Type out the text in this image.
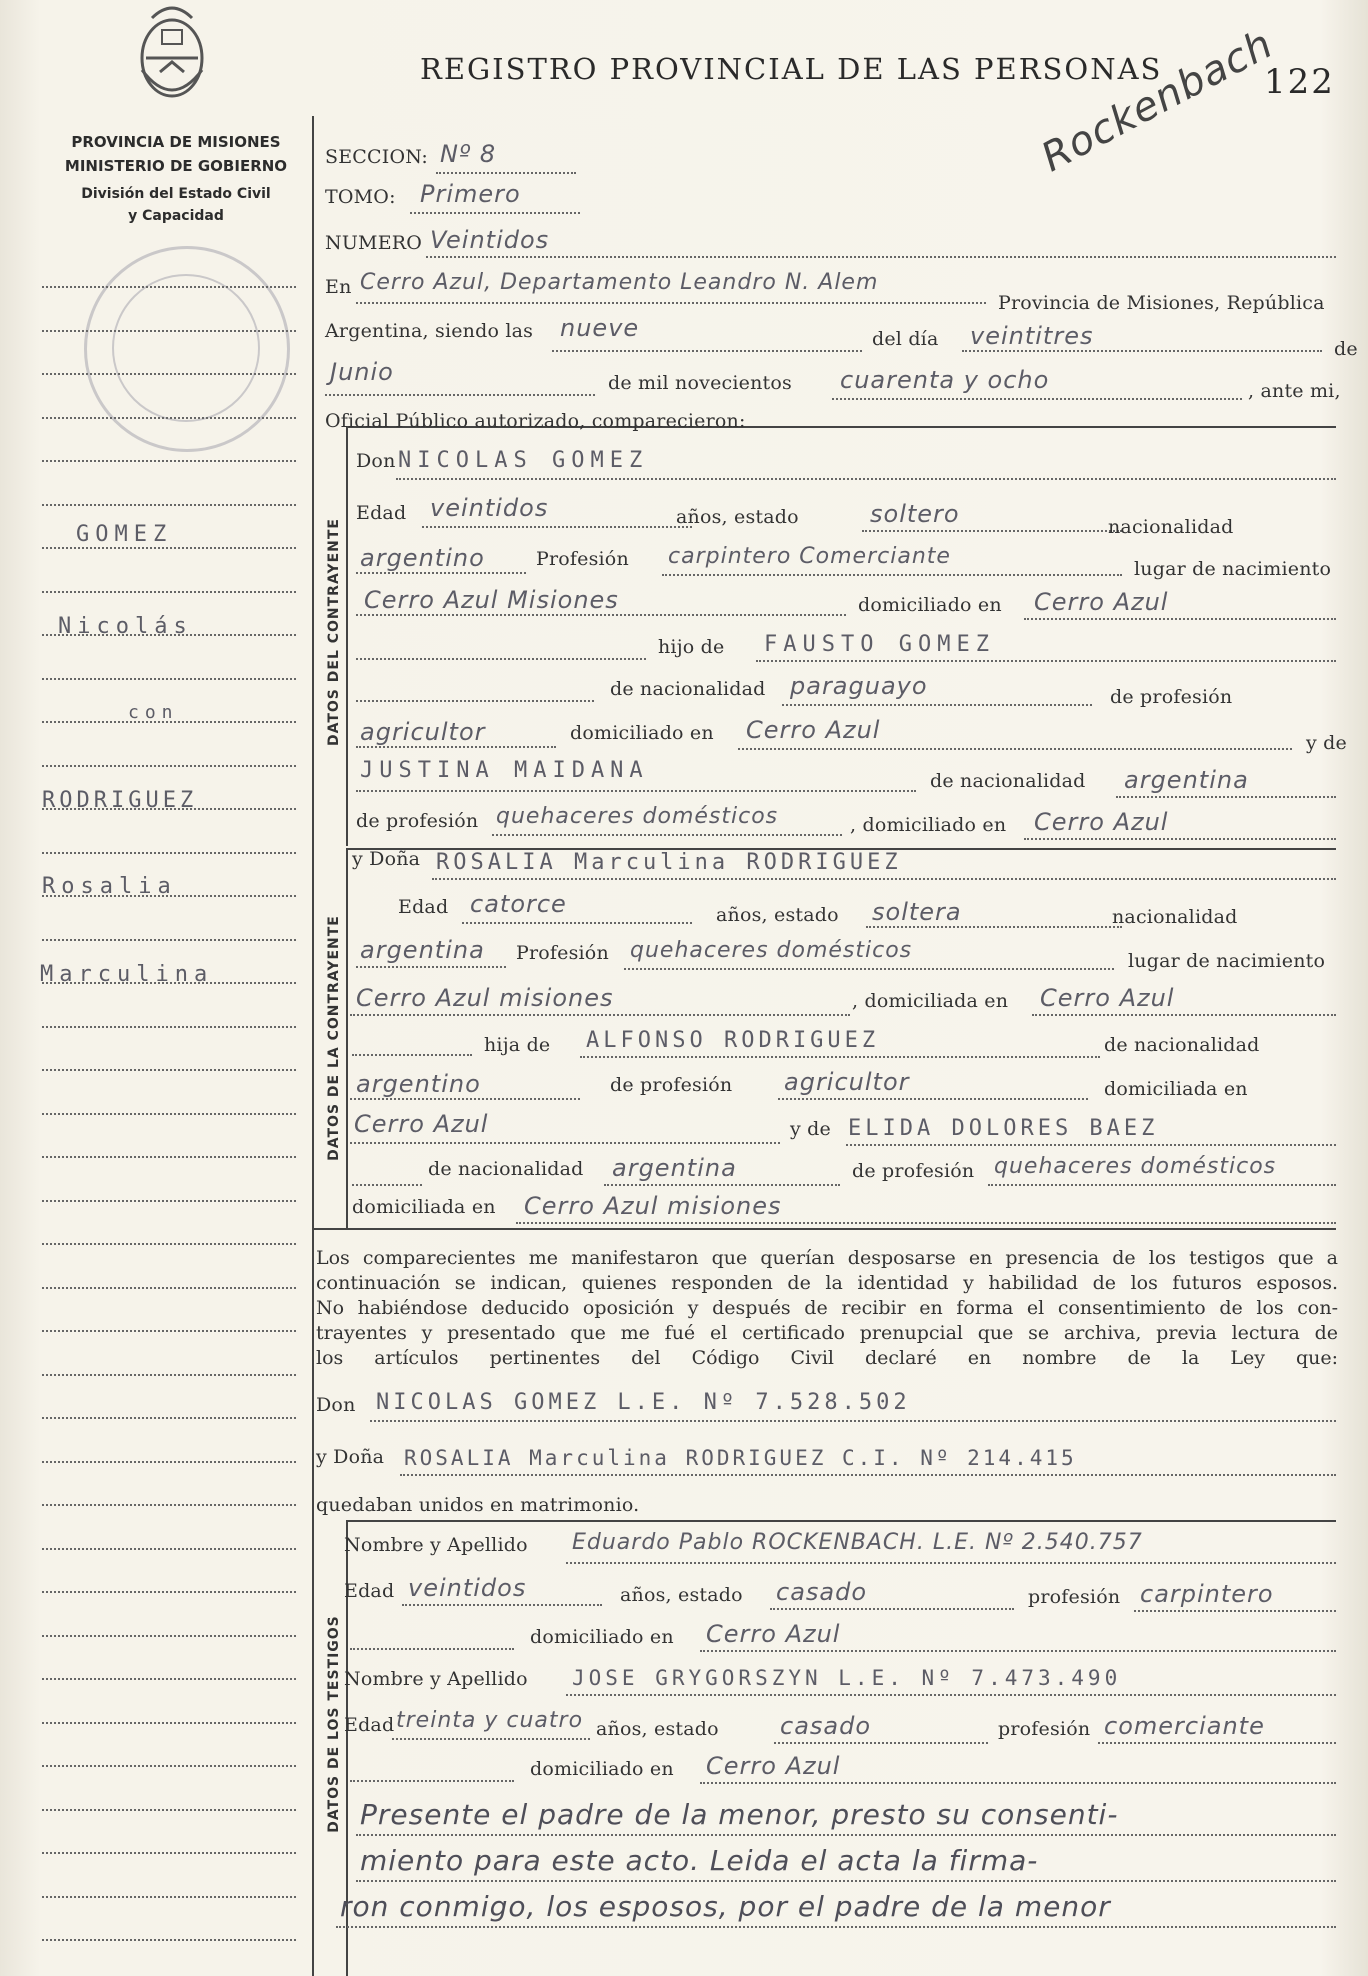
REGISTRO PROVINCIAL DE LAS PERSONAS	122
Rockenbach
PROVINCIA DE MISIONES
MINISTERIO DE GOBIERNO
División del Estado Civil
y Capacidad
GOMEZ
Nicolás
con
RODRIGUEZ
Rosalia
Marculina
DATOS DEL CONTRAYENTE
DATOS DE LA CONTRAYENTE
DATOS DE LOS TESTIGOS
SECCION: Nº 8
TOMO: Primero
NUMERO Veintidos
En Cerro Azul, Departamento Leandro N. Alem
Provincia de Misiones, República
Argentina, siendo las nueve	del día veintitres	de
Junio	de mil novecientos cuarenta y ocho	, ante mi,
Oficial Público autorizado, comparecieron:
Don NICOLAS GOMEZ
Edad veintidos	años, estado	soltero	nacionalidad
argentino	Profesión carpintero Comerciante	lugar de nacimiento
Cerro Azul Misiones	domiciliado en Cerro Azul
hijo de FAUSTO GOMEZ
de nacionalidad paraguayo	de profesión
agricultor	domiciliado en Cerro Azul	y de
JUSTINA MAIDANA	de nacionalidad argentina
de profesión quehaceres domésticos	, domiciliado en Cerro Azul
y Doña ROSALIA Marculina RODRIGUEZ
Edad catorce	años, estado soltera	nacionalidad
argentina Profesión quehaceres domésticos	lugar de nacimiento
Cerro Azul misiones	, domiciliada en Cerro Azul
hija de ALFONSO RODRIGUEZ	de nacionalidad
argentino	de profesión agricultor	domiciliada en
Cerro Azul	y de ELIDA DOLORES BAEZ
de nacionalidad argentina	de profesión quehaceres domésticos
domiciliada en Cerro Azul misiones
Los comparecientes me manifestaron que querían desposarse en presencia de los testigos que a
continuación se indican, quienes responden de la identidad y habilidad de los futuros esposos.
No habiéndose deducido oposición y después de recibir en forma el consentimiento de los con-
trayentes y presentado que me fué el certificado prenupcial que se archiva, previa lectura de
los artículos pertinentes del Código Civil declaré en nombre de la Ley que:
Don NICOLAS GOMEZ L.E. Nº 7.528.502
y Doña ROSALIA Marculina RODRIGUEZ C.I. Nº 214.415
quedaban unidos en matrimonio.
Nombre y Apellido Eduardo Pablo ROCKENBACH. L.E. Nº 2.540.757
Edad veintidos	años, estado casado	profesión carpintero
domiciliado en Cerro Azul
Nombre y Apellido JOSE GRYGORSZYN L.E. Nº 7.473.490
Edad treinta y cuatro años, estado	casado	profesión comerciante
domiciliado en Cerro Azul
Presente el padre de la menor, presto su consenti-
miento para este acto. Leida el acta la firma-
ron conmigo, los esposos, por el padre de la menor
